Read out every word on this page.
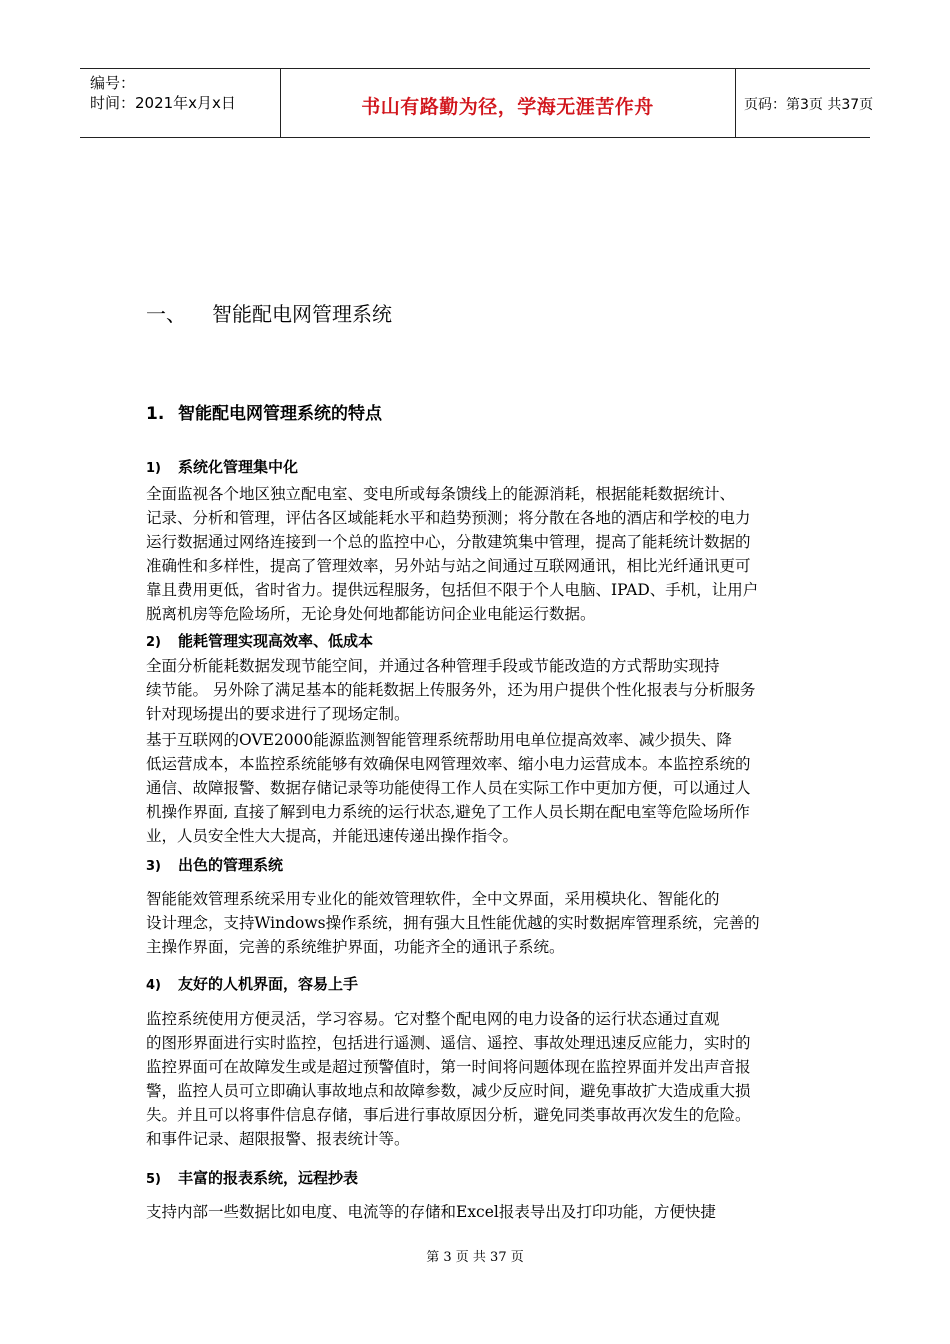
编号：
时间：2021年x月x日	书山有路勤为径，学海无涯苦作舟	页码：第3页 共37页
一、 智能配电网管理系统
1. 智能配电网管理系统的特点
1) 系统化管理集中化
全面监视各个地区独立配电室、变电所或每条馈线上的能源消耗，根据能耗数据统计、
记录、分析和管理，评估各区域能耗水平和趋势预测；将分散在各地的酒店和学校的电力
运行数据通过网络连接到一个总的监控中心，分散建筑集中管理，提高了能耗统计数据的
准确性和多样性，提高了管理效率，另外站与站之间通过互联网通讯，相比光纤通讯更可
靠且费用更低，省时省力。提供远程服务，包括但不限于个人电脑、IPAD、手机，让用户
脱离机房等危险场所，无论身处何地都能访问企业电能运行数据。
2) 能耗管理实现高效率、低成本
全面分析能耗数据发现节能空间，并通过各种管理手段或节能改造的方式帮助实现持
续节能。 另外除了满足基本的能耗数据上传服务外，还为用户提供个性化报表与分析服务
针对现场提出的要求进行了现场定制。
基于互联网的OVE2000能源监测智能管理系统帮助用电单位提高效率、减少损失、降
低运营成本，本监控系统能够有效确保电网管理效率、缩小电力运营成本。本监控系统的
通信、故障报警、数据存储记录等功能使得工作人员在实际工作中更加方便，可以通过人
机操作界面, 直接了解到电力系统的运行状态,避免了工作人员长期在配电室等危险场所作
业，人员安全性大大提高，并能迅速传递出操作指令。
3) 出色的管理系统
智能能效管理系统采用专业化的能效管理软件，全中文界面，采用模块化、智能化的
设计理念，支持Windows操作系统，拥有强大且性能优越的实时数据库管理系统，完善的
主操作界面，完善的系统维护界面，功能齐全的通讯子系统。
4) 友好的人机界面，容易上手
监控系统使用方便灵活，学习容易。它对整个配电网的电力设备的运行状态通过直观
的图形界面进行实时监控，包括进行遥测、遥信、遥控、事故处理迅速反应能力，实时的
监控界面可在故障发生或是超过预警值时，第一时间将问题体现在监控界面并发出声音报
警，监控人员可立即确认事故地点和故障参数，减少反应时间，避免事故扩大造成重大损
失。并且可以将事件信息存储，事后进行事故原因分析，避免同类事故再次发生的危险。
和事件记录、超限报警、报表统计等。
5) 丰富的报表系统，远程抄表
支持内部一些数据比如电度、电流等的存储和Excel报表导出及打印功能，方便快捷
第 3 页 共 37 页
